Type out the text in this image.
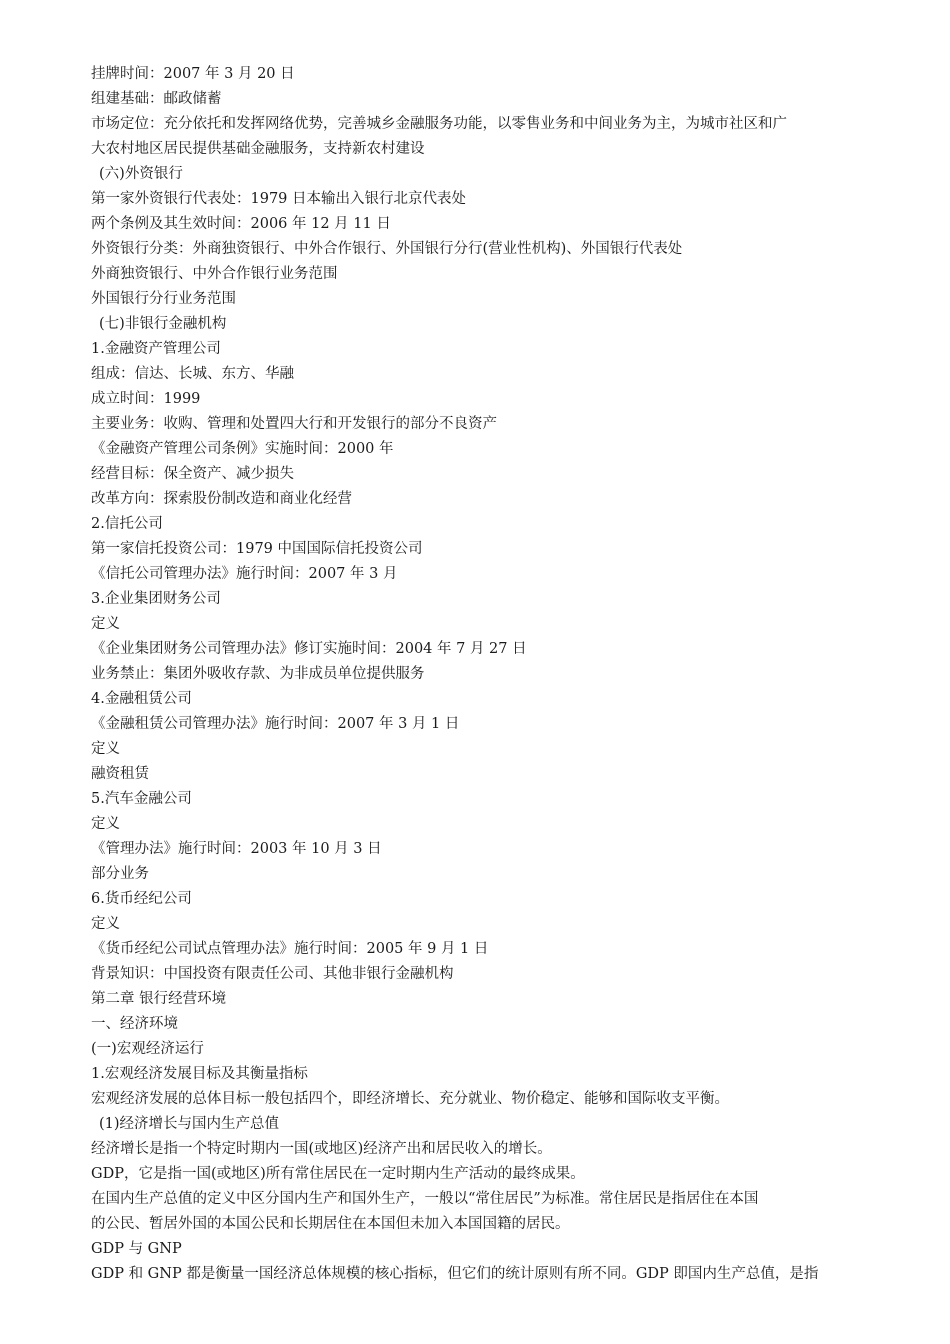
挂牌时间：2007 年 3 月 20 日
组建基础：邮政储蓄
市场定位：充分依托和发挥网络优势，完善城乡金融服务功能，以零售业务和中间业务为主，为城市社区和广
大农村地区居民提供基础金融服务，支持新农村建设
(六)外资银行
第一家外资银行代表处：1979 日本输出入银行北京代表处
两个条例及其生效时间：2006 年 12 月 11 日
外资银行分类：外商独资银行、中外合作银行、外国银行分行(营业性机构)、外国银行代表处
外商独资银行、中外合作银行业务范围
外国银行分行业务范围
(七)非银行金融机构
1.金融资产管理公司
组成：信达、长城、东方、华融
成立时间：1999
主要业务：收购、管理和处置四大行和开发银行的部分不良资产
《金融资产管理公司条例》实施时间：2000 年
经营目标：保全资产、减少损失
改革方向：探索股份制改造和商业化经营
2.信托公司
第一家信托投资公司：1979 中国国际信托投资公司
《信托公司管理办法》施行时间：2007 年 3 月
3.企业集团财务公司
定义
《企业集团财务公司管理办法》修订实施时间：2004 年 7 月 27 日
业务禁止：集团外吸收存款、为非成员单位提供服务
4.金融租赁公司
《金融租赁公司管理办法》施行时间：2007 年 3 月 1 日
定义
融资租赁
5.汽车金融公司
定义
《管理办法》施行时间：2003 年 10 月 3 日
部分业务
6.货币经纪公司
定义
《货币经纪公司试点管理办法》施行时间：2005 年 9 月 1 日
背景知识：中国投资有限责任公司、其他非银行金融机构
第二章 银行经营环境
一、经济环境
(一)宏观经济运行
1.宏观经济发展目标及其衡量指标
宏观经济发展的总体目标一般包括四个，即经济增长、充分就业、物价稳定、能够和国际收支平衡。
(1)经济增长与国内生产总值
经济增长是指一个特定时期内一国(或地区)经济产出和居民收入的增长。
GDP，它是指一国(或地区)所有常住居民在一定时期内生产活动的最终成果。
在国内生产总值的定义中区分国内生产和国外生产，一般以“常住居民”为标准。常住居民是指居住在本国
的公民、暂居外国的本国公民和长期居住在本国但未加入本国国籍的居民。
GDP 与 GNP
GDP 和 GNP 都是衡量一国经济总体规模的核心指标，但它们的统计原则有所不同。GDP 即国内生产总值，是指
